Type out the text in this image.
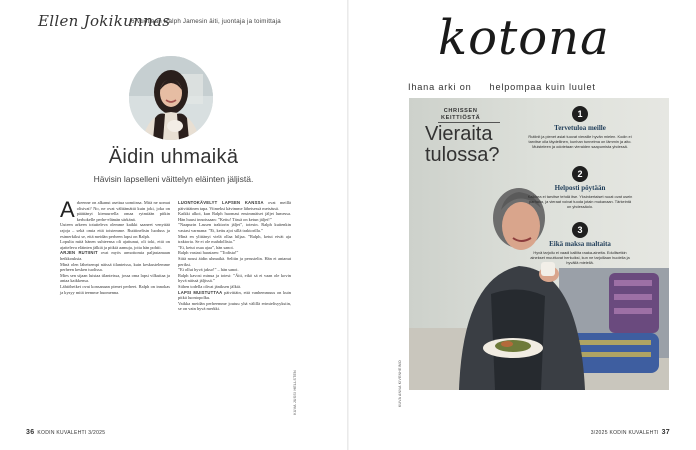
Ellen Jokikunnas
6-vuotiaan Ralph Jamesin äiti, juontaja ja toimittaja
Äidin uhmaikä
Hävisin lapselleni väittelyn eläinten jäljistä.

Arkeenne on alkanut asettua uomiinsa. Mitä ne uomat olisivat? No, ne ovat välttämättä kuin joki, joka on päättänyt kiemurrella omaa rytmiään pitkin kerhokelle perhe-elämän särkänä.

Uuteen arkeen totutteleva olemme kaikki saaneet venyttää rajoja – sekä omia että toistemme. Ruttiinelisin luoduss ja esimerkiksi se, että meidän perheen lapsi on Ralph.

Lopulta mitä hänen suhteensa oli ajattunut, oli toki, että on ajatteleva eläinten jälkiä ja pitkiä aamuja, joita hän pohtii.

ARJEN RUTIINIT ovat myös armottomia paljastamaan heikkouksia.

Minä olen läheisempi näissä tilanteissa, kuin keskustelemme perheen kesken tuolissa.

Mies sen sijaan luistaa tilanteissa, jossa oma lapsi vilkuttaa ja antaa kaikkensa.

Lähtöhetket ovat konsanaan pienet perheet. Ralph on innokas ja kysyy mitä teemme huomenna.

LUONTOKÄVELYT LAPSEN KANSSA ovat meillä päivittäinen tapa. Viimeksi kävimme läheisessä metsässä.

Kaikki alkoi, kun Ralph huomasi ensimmäiset jäljet lumessa. Hän huusi innoissaan: ”Kettu! Tässä on ketun jäljet!”

”Naapurin Lassen traktorin jäljet”, totesin. Ralph kuitenkin vastasi varmana: ”Ei, kettu ajoi sillä traktorilla.”

Minä en ylittänyt vielä ollaa hiljaa. ”Ralph, ketut eivät aja traktoria. Se ei ole mahdollista.”

”Ei, ketut osaa ajaa”, hän sanoi.

Ralph vastasi haastaen: ”Todista!”

Siitä nousi äidin uhmaikä. Selitin ja perustelin. Hän ei antanut periksi.

”Ei ollut hyvä jakso!” – hän sanoi.

Ralph kavosi minua ja totesi: ”Äiti, eikö sä ei vaan ole kovin hyvä näissä jäljissä.”

Siihen todella olivat jäniksen jälkiä.

LAPSI MUISTUTTAA päivittäin, että vanhemmuus on kuin pitkä luontopolku.

Vaikka meidän perheemme joutuu yhä välillä erimielisyyksiin, se on vain hyvä merkki.

KUVA JUSSI HELLSTEN
36 KODIN KUVALEHTI 3/2025
kotona
Ihana arki on helpompaa kuin luulet
CHRISSEN
KEITTIÖSTÄ
Vieraita tulossa?
1
Tervetuloa meille
Rutiinit ja pienet asiat tuovat vieraille hyvän mielen. Kodin ei tarvitse olla täydellinen, kunhan tunnelma on lämmin ja aito. Muisteleen ja odotetaan vieraiden saapumista yhdessä.
2
Helposti pöytään
Kaikkea ei tarvitse tehdä itse. Yksinkertaiset ruoat ovat usein parhaita, ja vieraat voivat tuoda jotain mukanaan. Tärkeintä on yhdessäolo.
3
Eikä maksa maltaita
Hyvä tarjoilu ei vaadi kalliita raaka-aineita. Edullisetkin ainekset muuttuvat herkuiksi, kun ne tarjoillaan huolella ja hyvällä mielellä.
KUVA ANNA KIVENHEIMO
3/2025 KODIN KUVALEHTI 37
